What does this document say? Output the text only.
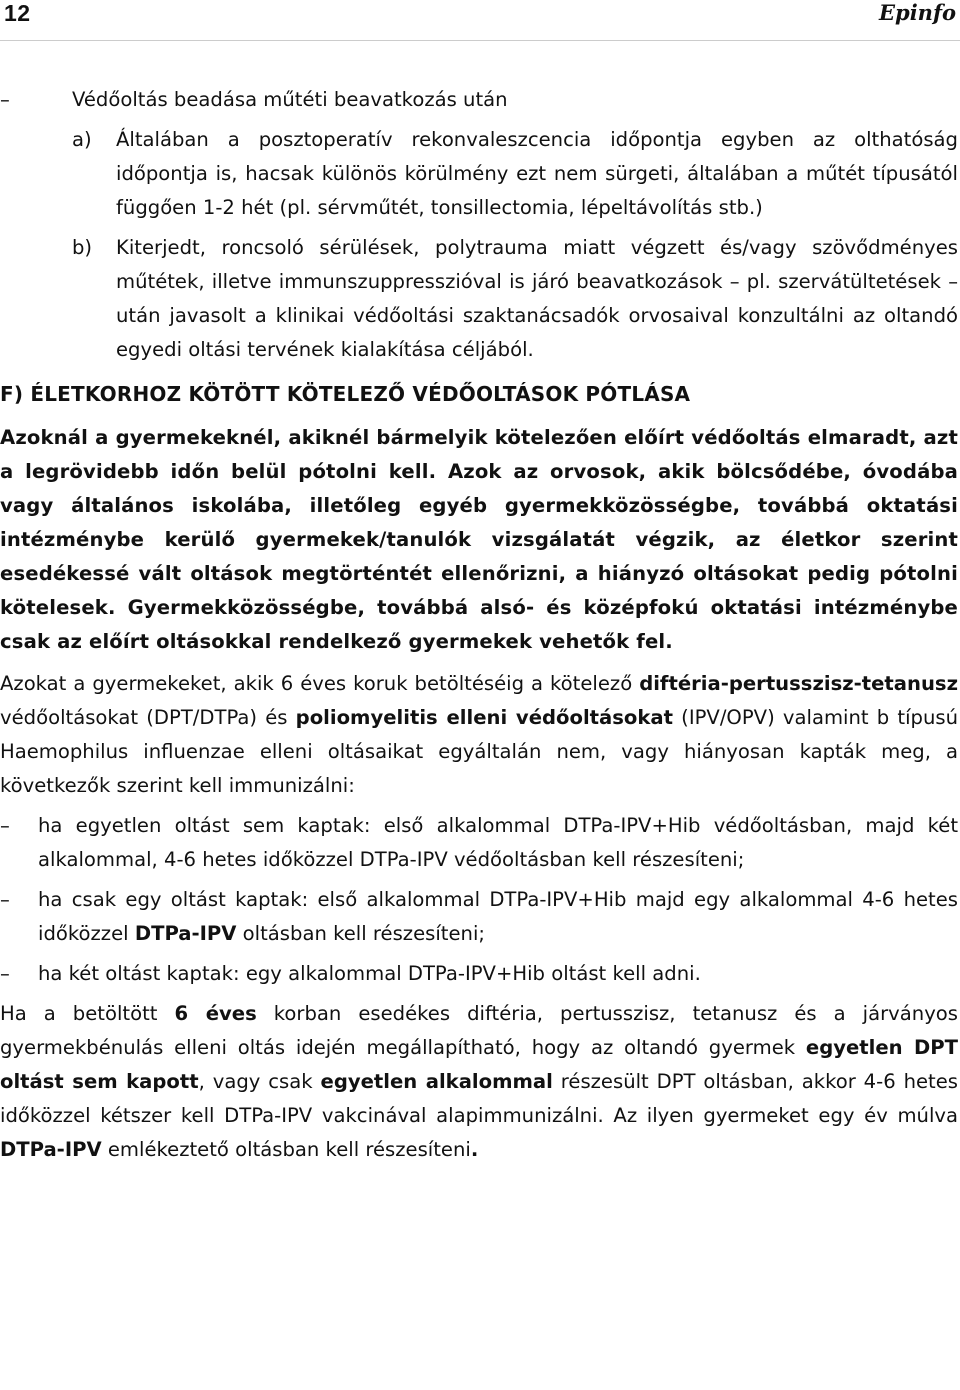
12	Epinfo
–	Védőoltás beadása műtéti beavatkozás után
a)	Általában a posztoperatív rekonvaleszcencia időpontja egyben az olthatóság időpontja is, hacsak különös körülmény ezt nem sürgeti, általában a műtét típusától függően 1-2 hét (pl. sérvműtét, tonsillectomia, lépeltávolítás stb.)
b)	Kiterjedt, roncsoló sérülések, polytrauma miatt végzett és/vagy szövődményes műtétek, illetve immunszuppresszióval is járó beavatkozások – pl. szervátültetések – után javasolt a klinikai védőoltási szaktanácsadók orvosaival konzultálni az oltandó egyedi oltási tervének kialakítása céljából.

F) ÉLETKORHOZ KÖTÖTT KÖTELEZŐ VÉDŐOLTÁSOK PÓTLÁSA

Azoknál a gyermekeknél, akiknél bármelyik kötelezően előírt védőoltás elmaradt, azt a legrövidebb időn belül pótolni kell. Azok az orvosok, akik bölcsődébe, óvodába vagy általános iskolába, illetőleg egyéb gyermekközösségbe, továbbá oktatási intézménybe kerülő gyermekek/tanulók vizsgálatát végzik, az életkor szerint esedékessé vált oltások megtörténtét ellenőrizni, a hiányzó oltásokat pedig pótolni kötelesek. Gyermekközösségbe, továbbá alsó- és középfokú oktatási intézménybe csak az előírt oltásokkal rendelkező gyermekek vehetők fel.

Azokat a gyermekeket, akik 6 éves koruk betöltéséig a kötelező diftéria-pertusszisz-tetanusz védőoltásokat (DPT/DTPa) és poliomyelitis elleni védőoltásokat (IPV/OPV) valamint b típusú Haemophilus influenzae elleni oltásaikat egyáltalán nem, vagy hiányosan kapták meg, a következők szerint kell immunizálni:

–	ha egyetlen oltást sem kaptak: első alkalommal DTPa-IPV+Hib védőoltásban, majd két alkalommal, 4-6 hetes időközzel DTPa-IPV védőoltásban kell részesíteni;
–	ha csak egy oltást kaptak: első alkalommal DTPa-IPV+Hib majd egy alkalommal 4-6 hetes időközzel DTPa-IPV oltásban kell részesíteni;
–	ha két oltást kaptak: egy alkalommal DTPa-IPV+Hib oltást kell adni.

Ha a betöltött 6 éves korban esedékes diftéria, pertusszisz, tetanusz és a járványos gyermekbénulás elleni oltás idején megállapítható, hogy az oltandó gyermek egyetlen DPT oltást sem kapott, vagy csak egyetlen alkalommal részesült DPT oltásban, akkor 4-6 hetes időközzel kétszer kell DTPa-IPV vakcinával alapimmunizálni. Az ilyen gyermeket egy év múlva DTPa-IPV emlékeztető oltásban kell részesíteni.
